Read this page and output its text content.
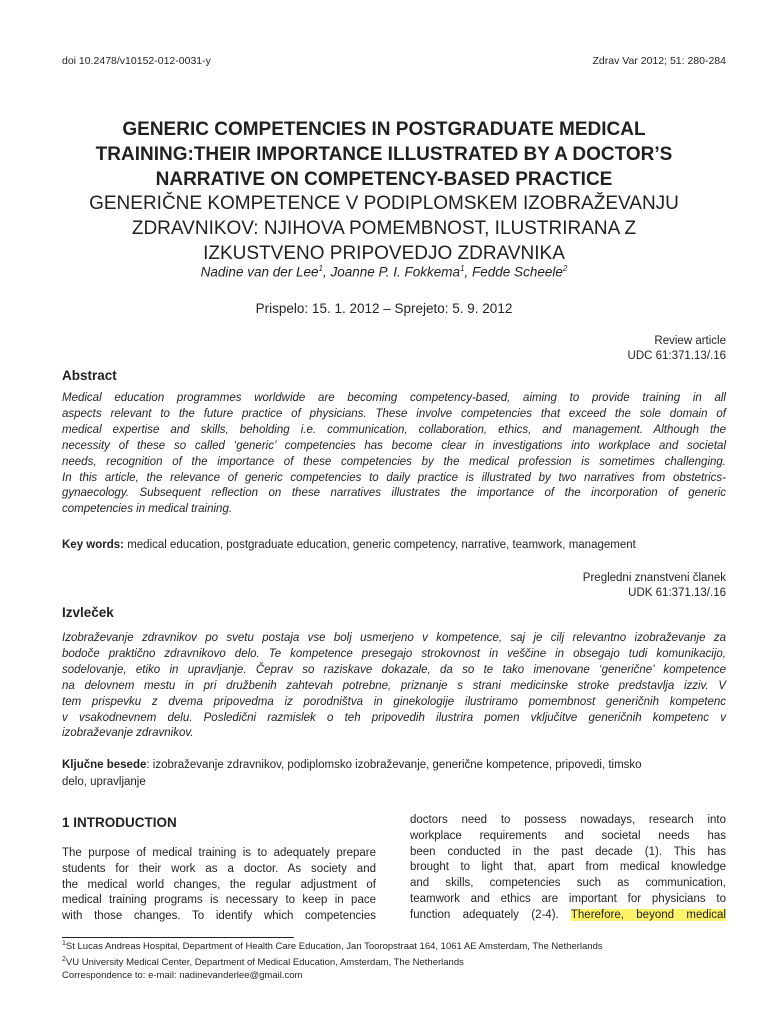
doi 10.2478/v10152-012-0031-y	Zdrav Var 2012; 51: 280-284
GENERIC COMPETENCIES IN POSTGRADUATE MEDICAL
TRAINING:THEIR IMPORTANCE ILLUSTRATED BY A DOCTOR’S
NARRATIVE ON COMPETENCY-BASED PRACTICE
GENERIČNE KOMPETENCE V PODIPLOMSKEM IZOBRAŽEVANJU
ZDRAVNIKOV: NJIHOVA POMEMBNOST, ILUSTRIRANA Z
IZKUSTVENO PRIPOVEDJO ZDRAVNIKA
Nadine van der Lee$^1$, Joanne P. I. Fokkema$^1$, Fedde Scheele$^2$
Prispelo: 15. 1. 2012 – Sprejeto: 5. 9. 2012
Review article
UDC 61:371.13/.16
Abstract
Medical education programmes worldwide are becoming competency-based, aiming to provide training in all
aspects relevant to the future practice of physicians. These involve competencies that exceed the sole domain of
medical expertise and skills, beholding i.e. communication, collaboration, ethics, and management. Although the
necessity of these so called ‘generic’ competencies has become clear in investigations into workplace and societal
needs, recognition of the importance of these competencies by the medical profession is sometimes challenging.
In this article, the relevance of generic competencies to daily practice is illustrated by two narratives from obstetrics-
gynaecology. Subsequent reflection on these narratives illustrates the importance of the incorporation of generic
competencies in medical training.
Key words: medical education, postgraduate education, generic competency, narrative, teamwork, management
Pregledni znanstveni članek
UDK 61:371.13/.16
Izvleček
Izobraževanje zdravnikov po svetu postaja vse bolj usmerjeno v kompetence, saj je cilj relevantno izobraževanje za
bodoče praktično zdravnikovo delo. Te kompetence presegajo strokovnost in veščine in obsegajo tudi komunikacijo,
sodelovanje, etiko in upravljanje. Čeprav so raziskave dokazale, da so te tako imenovane ‘generične’ kompetence
na delovnem mestu in pri družbenih zahtevah potrebne, priznanje s strani medicinske stroke predstavlja izziv. V
tem prispevku z dvema pripovedma iz porodništva in ginekologije ilustriramo pomembnost generičnih kompetenc
v vsakodnevnem delu. Posledični razmislek o teh pripovedih ilustrira pomen vključitve generičnih kompetenc v
izobraževanje zdravnikov.
Ključne besede: izobraževanje zdravnikov, podiplomsko izobraževanje, generične kompetence, pripovedi, timsko
delo, upravljanje
1 INTRODUCTION
The purpose of medical training is to adequately prepare
students for their work as a doctor. As society and
the medical world changes, the regular adjustment of
medical training programs is necessary to keep in pace
with those changes. To identify which competencies
doctors need to possess nowadays, research into
workplace requirements and societal needs has
been conducted in the past decade (1). This has
brought to light that, apart from medical knowledge
and skills, competencies such as communication,
teamwork and ethics are important for physicians to
function adequately (2-4). Therefore, beyond medical
$^1$St Lucas Andreas Hospital, Department of Health Care Education, Jan Tooropstraat 164, 1061 AE Amsterdam, The Netherlands
$^2$VU University Medical Center, Department of Medical Education, Amsterdam, The Netherlands
Correspondence to: e-mail: nadinevanderlee@gmail.com
